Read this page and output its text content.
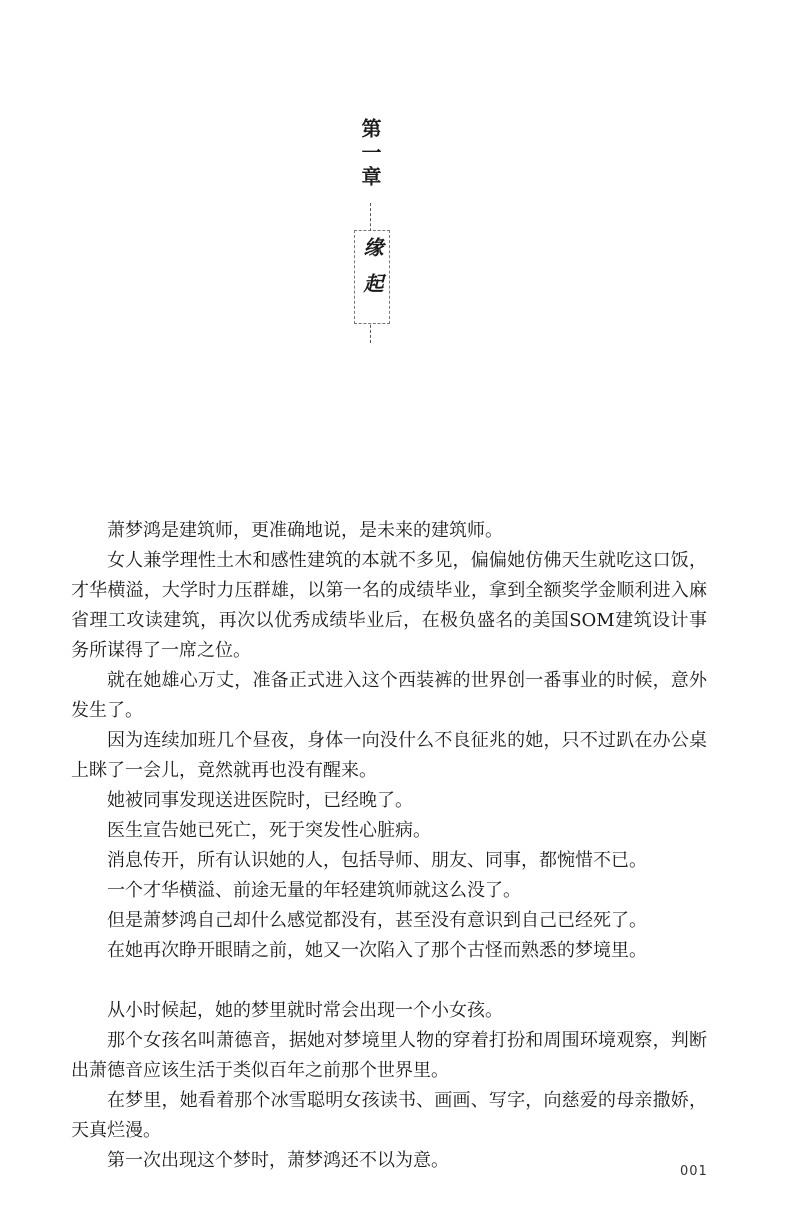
第一章
缘起

萧梦鸿是建筑师，更准确地说，是未来的建筑师。

女人兼学理性土木和感性建筑的本就不多见，偏偏她仿佛天生就吃这口饭，才华横溢，大学时力压群雄，以第一名的成绩毕业，拿到全额奖学金顺利进入麻省理工攻读建筑，再次以优秀成绩毕业后，在极负盛名的美国SOM建筑设计事务所谋得了一席之位。

就在她雄心万丈，准备正式进入这个西装裤的世界创一番事业的时候，意外发生了。

因为连续加班几个昼夜，身体一向没什么不良征兆的她，只不过趴在办公桌上眯了一会儿，竟然就再也没有醒来。

她被同事发现送进医院时，已经晚了。

医生宣告她已死亡，死于突发性心脏病。

消息传开，所有认识她的人，包括导师、朋友、同事，都惋惜不已。

一个才华横溢、前途无量的年轻建筑师就这么没了。

但是萧梦鸿自己却什么感觉都没有，甚至没有意识到自己已经死了。

在她再次睁开眼睛之前，她又一次陷入了那个古怪而熟悉的梦境里。

从小时候起，她的梦里就时常会出现一个小女孩。

那个女孩名叫萧德音，据她对梦境里人物的穿着打扮和周围环境观察，判断出萧德音应该生活于类似百年之前那个世界里。

在梦里，她看着那个冰雪聪明女孩读书、画画、写字，向慈爱的母亲撒娇，天真烂漫。

第一次出现这个梦时，萧梦鸿还不以为意。

001
